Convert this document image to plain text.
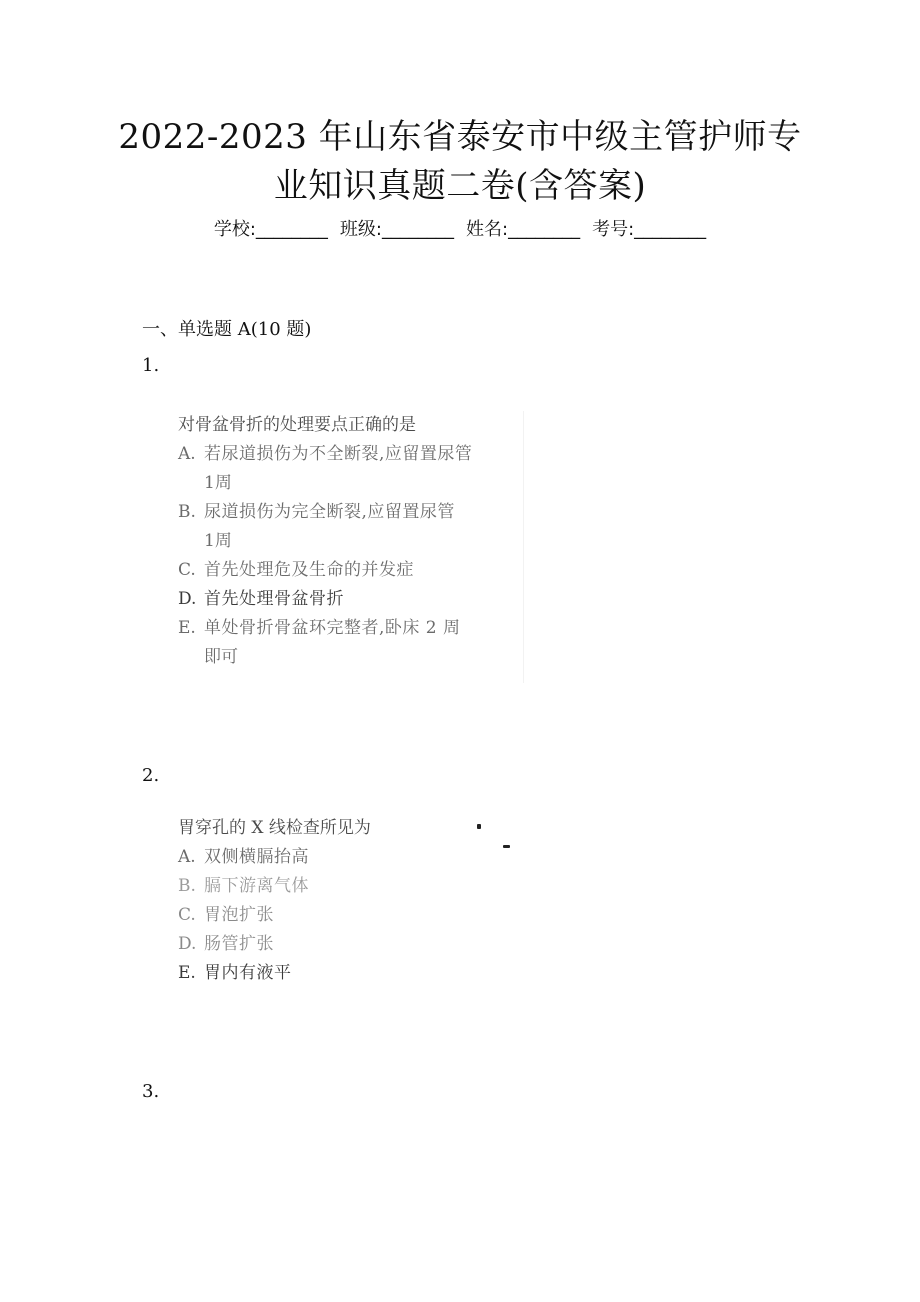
2022-2023 年山东省泰安市中级主管护师专
业知识真题二卷(含答案)
学校:________ 班级:________ 姓名:________ 考号:________
一、单选题 A(10 题)
1.
对骨盆骨折的处理要点正确的是
A. 若尿道损伤为不全断裂,应留置尿管
1周
B. 尿道损伤为完全断裂,应留置尿管
1周
C. 首先处理危及生命的并发症
D. 首先处理骨盆骨折
E. 单处骨折骨盆环完整者,卧床 2 周
即可
2.
胃穿孔的 X 线检查所见为
A. 双侧横膈抬高
B. 膈下游离气体
C. 胃泡扩张
D. 肠管扩张
E. 胃内有液平
3.
